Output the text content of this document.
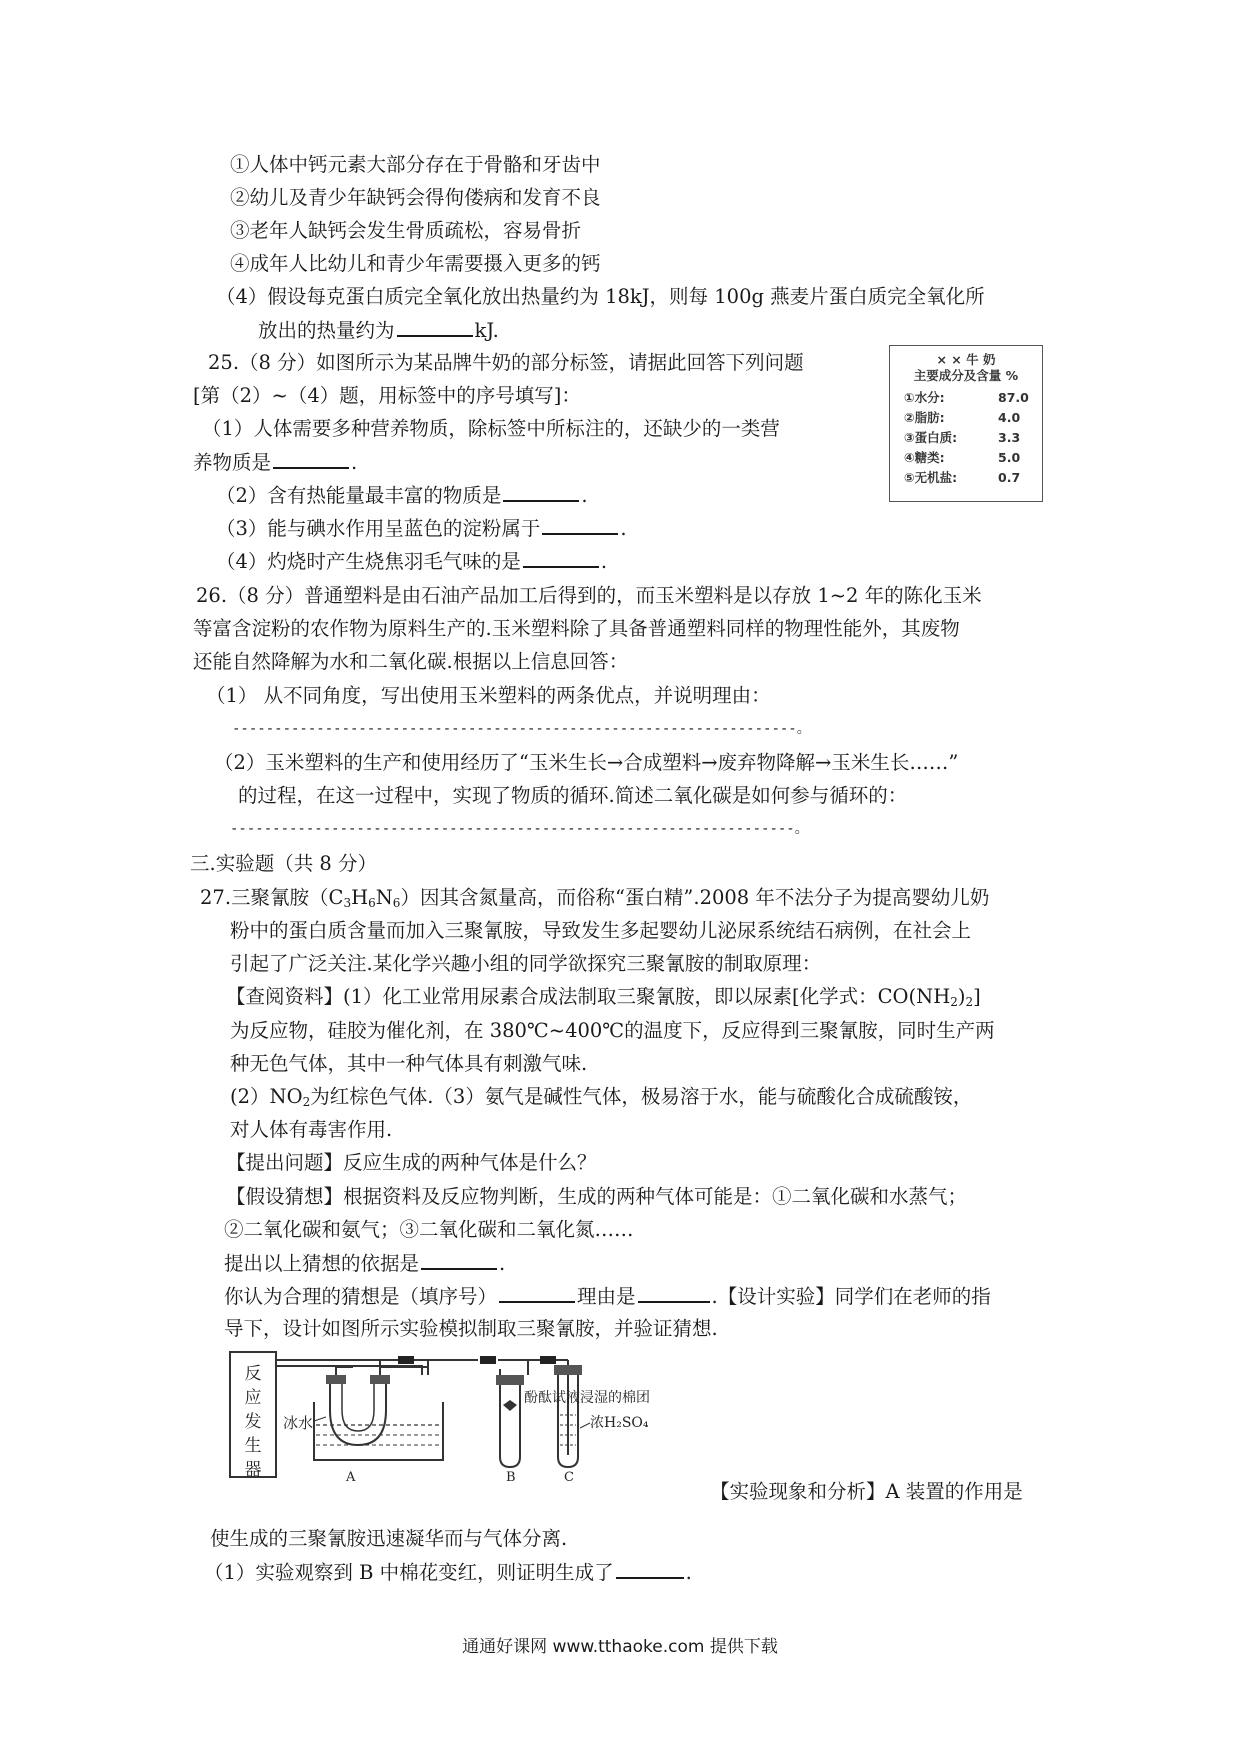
①人体中钙元素大部分存在于骨骼和牙齿中
②幼儿及青少年缺钙会得佝偻病和发育不良
③老年人缺钙会发生骨质疏松，容易骨折
④成年人比幼儿和青少年需要摄入更多的钙
（4）假设每克蛋白质完全氧化放出热量约为 18kJ，则每 100g 燕麦片蛋白质完全氧化所
放出的热量约为	kJ.
25.（8 分）如图所示为某品牌牛奶的部分标签，请据此回答下列问题
[第（2）~（4）题，用标签中的序号填写]：
（1）人体需要多种营养物质，除标签中所标注的，还缺少的一类营
养物质是	.
（2）含有热能量最丰富的物质是	.
（3）能与碘水作用呈蓝色的淀粉属于	.
（4）灼烧时产生烧焦羽毛气味的是	.
× × 牛 奶
主要成分及含量 %
①水分:	87.0
②脂肪:	4.0
③蛋白质:	3.3
④糖类:	5.0
⑤无机盐:	0.7
26.（8 分）普通塑料是由石油产品加工后得到的，而玉米塑料是以存放 1~2 年的陈化玉米
等富含淀粉的农作物为原料生产的.玉米塑料除了具备普通塑料同样的物理性能外，其废物
还能自然降解为水和二氧化碳.根据以上信息回答：
（1） 从不同角度，写出使用玉米塑料的两条优点，并说明理由：
-------------------------------------------------------------------。
（2）玉米塑料的生产和使用经历了“玉米生长→合成塑料→废弃物降解→玉米生长……”
的过程，在这一过程中，实现了物质的循环.简述二氧化碳是如何参与循环的：
-------------------------------------------------------------------。
三.实验题（共 8 分）
27.三聚氰胺$(C_3H_6N_6)$因其含氮量高，而俗称“蛋白精”.2008 年不法分子为提高婴幼儿奶
粉中的蛋白质含量而加入三聚氰胺，导致发生多起婴幼儿泌尿系统结石病例，在社会上
引起了广泛关注.某化学兴趣小组的同学欲探究三聚氰胺的制取原理：
【查阅资料】(1）化工业常用尿素合成法制取三聚氰胺，即以尿素[化学式：$CO(NH_2)_2$]
为反应物，硅胶为催化剂，在 380℃~400℃的温度下，反应得到三聚氰胺，同时生产两
种无色气体，其中一种气体具有刺激气味.
$(2)NO_2$为红棕色气体.（3）氨气是碱性气体，极易溶于水，能与硫酸化合成硫酸铵，
对人体有毒害作用.
【提出问题】反应生成的两种气体是什么？
【假设猜想】根据资料及反应物判断，生成的两种气体可能是：①二氧化碳和水蒸气；
②二氧化碳和氨气；③二氧化碳和二氧化氮……
提出以上猜想的依据是	.
你认为合理的猜想是（填序号）	理由是	.【设计实验】同学们在老师的指
导下，设计如图所示实验模拟制取三聚氰胺，并验证猜想.
反应发生器
冰水
酚酞试液浸湿的棉团
浓H₂SO₄
A	B	C
【实验现象和分析】A 装置的作用是
使生成的三聚氰胺迅速凝华而与气体分离.
（1）实验观察到 B 中棉花变红，则证明生成了	.
通通好课网 www.tthaoke.com 提供下载
